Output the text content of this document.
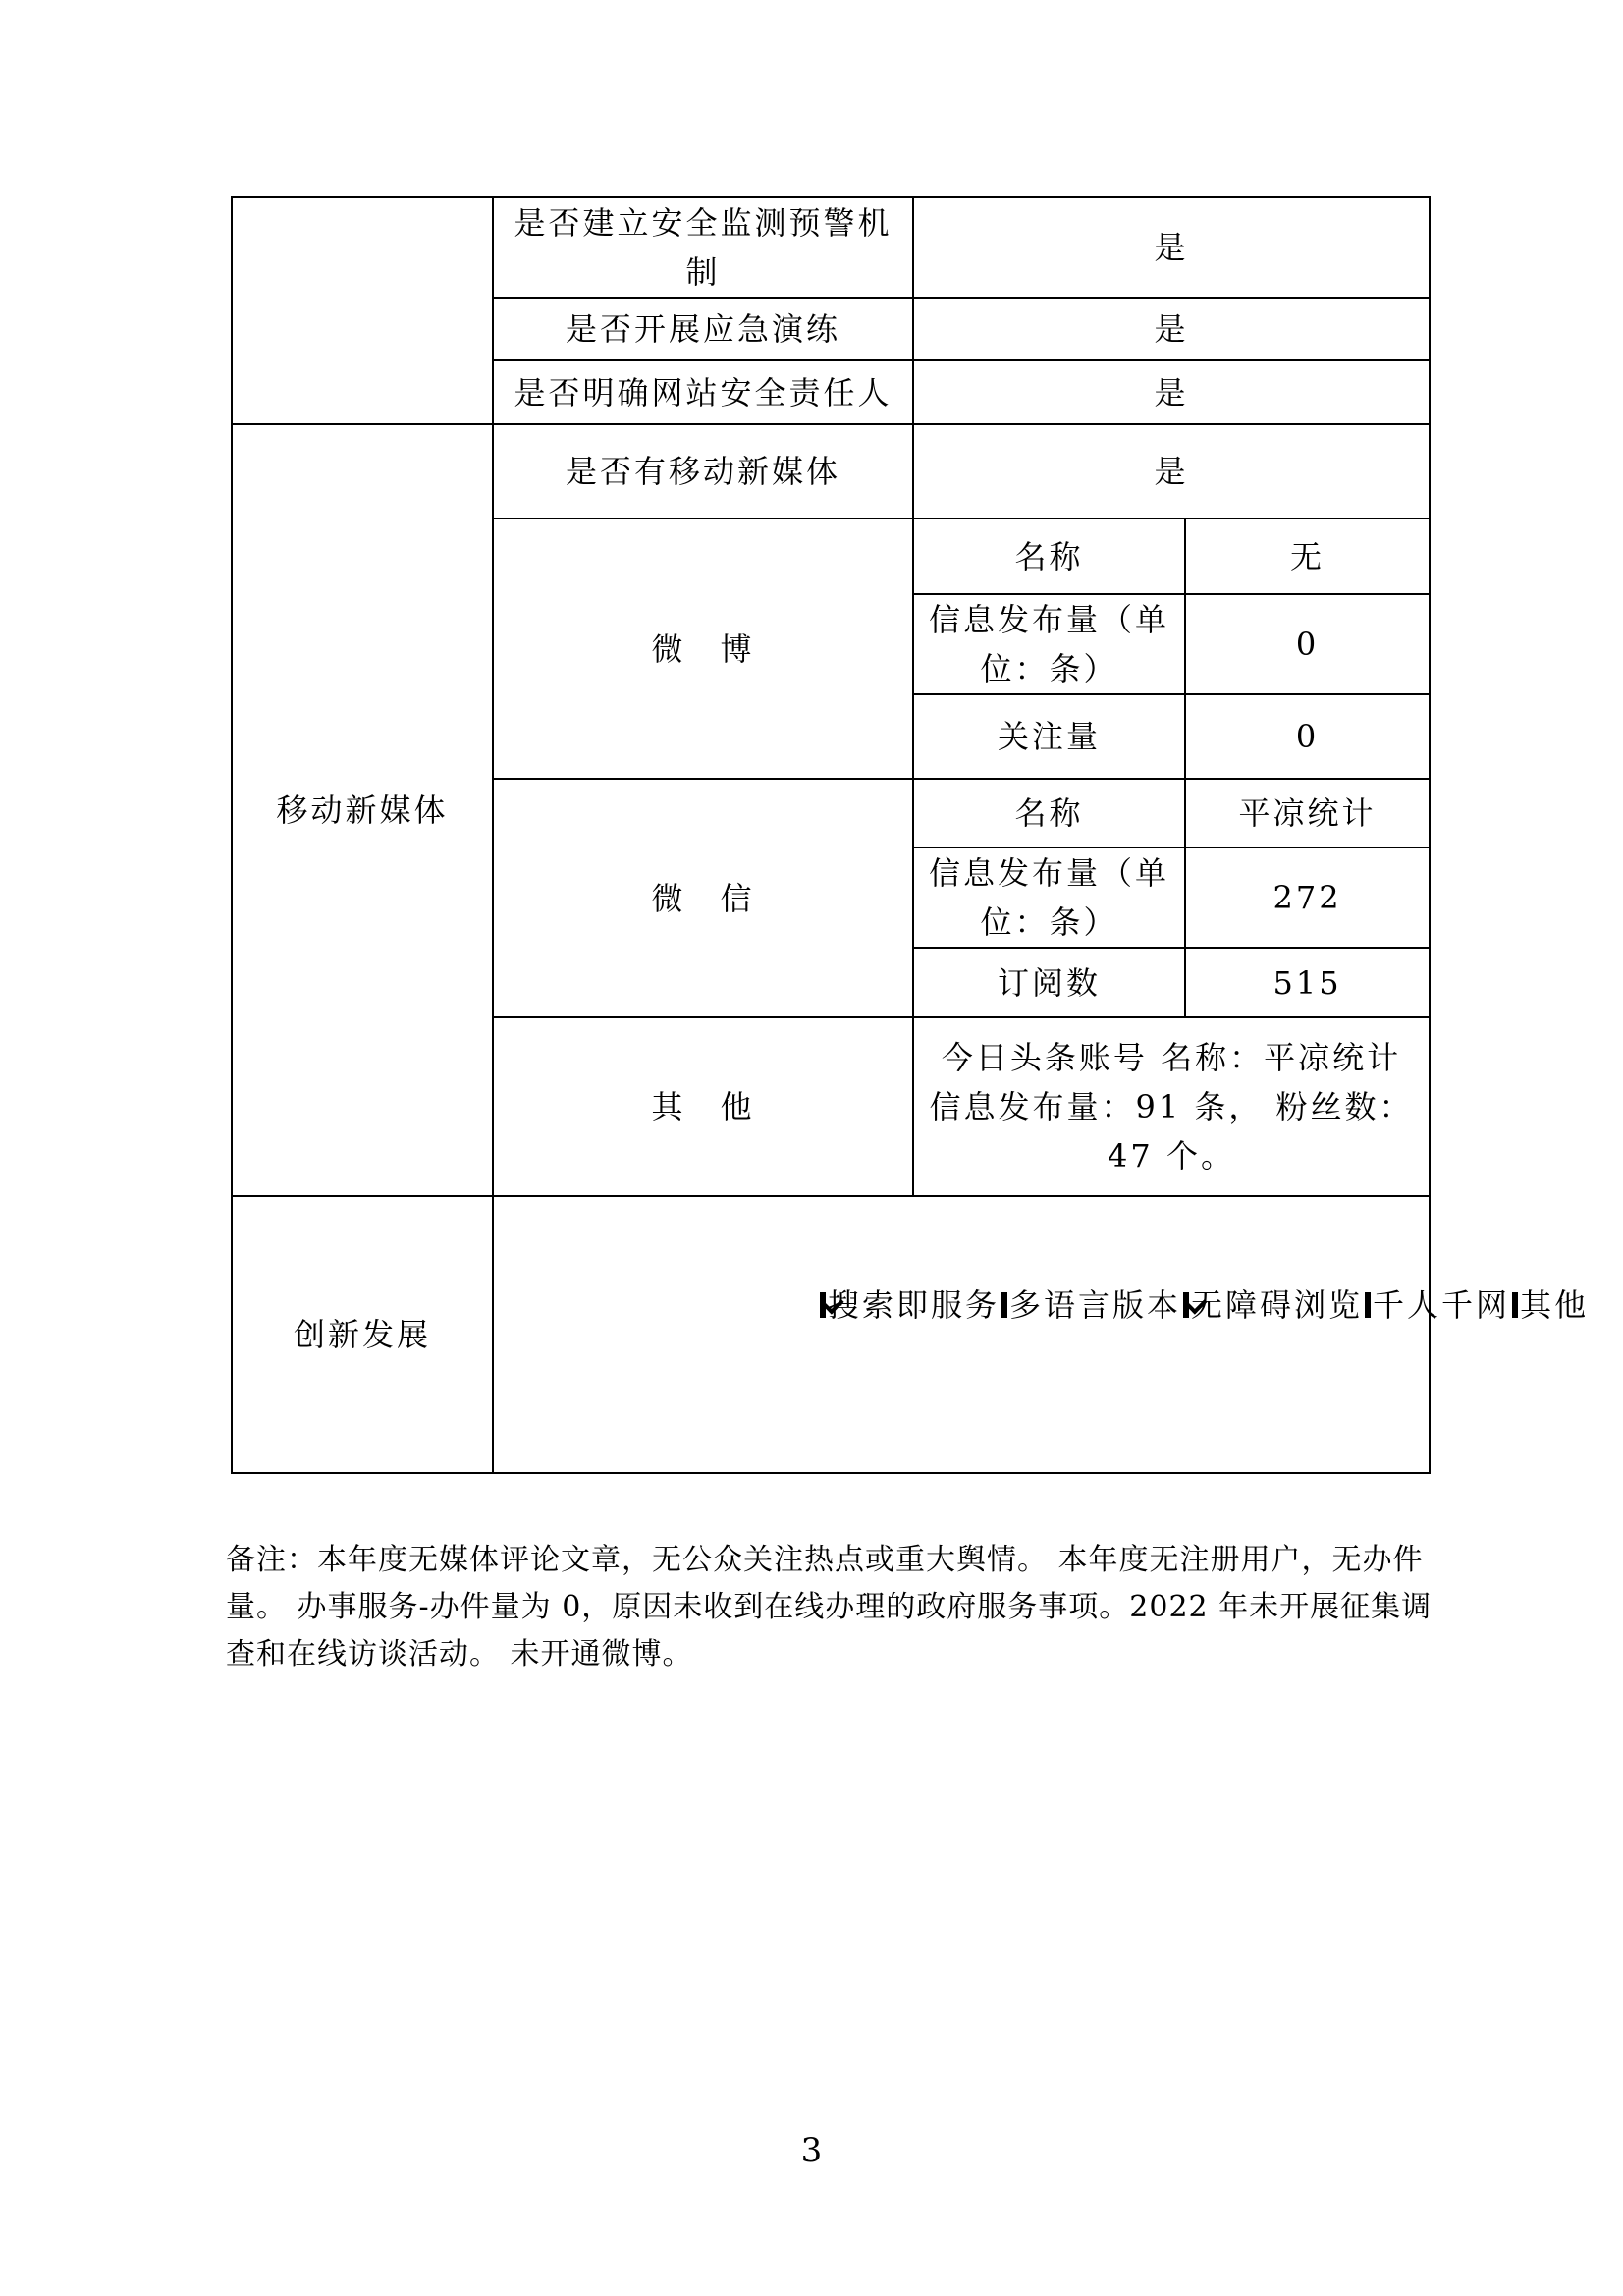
	是否建立安全监测预警机制	是	
	是否开展应急演练	是	
	是否明确网站安全责任人	是	
移动新媒体	是否有移动新媒体	是	
	微　博	名称	无
		信息发布量（单位：条）	0
		关注量	0
	微　信	名称	平凉统计
		信息发布量（单位：条）	272
		订阅数	515
	其　他	今日头条账号 名称：平凉统计信息发布量：91 条， 粉丝数：47 个。	
创新发展	搜索即服务 多语言版本 无障碍浏览 千人千网 其他		
备注：本年度无媒体评论文章，无公众关注热点或重大舆情。 本年度无注册用户，无办件量。 办事服务-办件量为 0，原因未收到在线办理的政府服务事项。2022 年未开展征集调查和在线访谈活动。 未开通微博。
3
